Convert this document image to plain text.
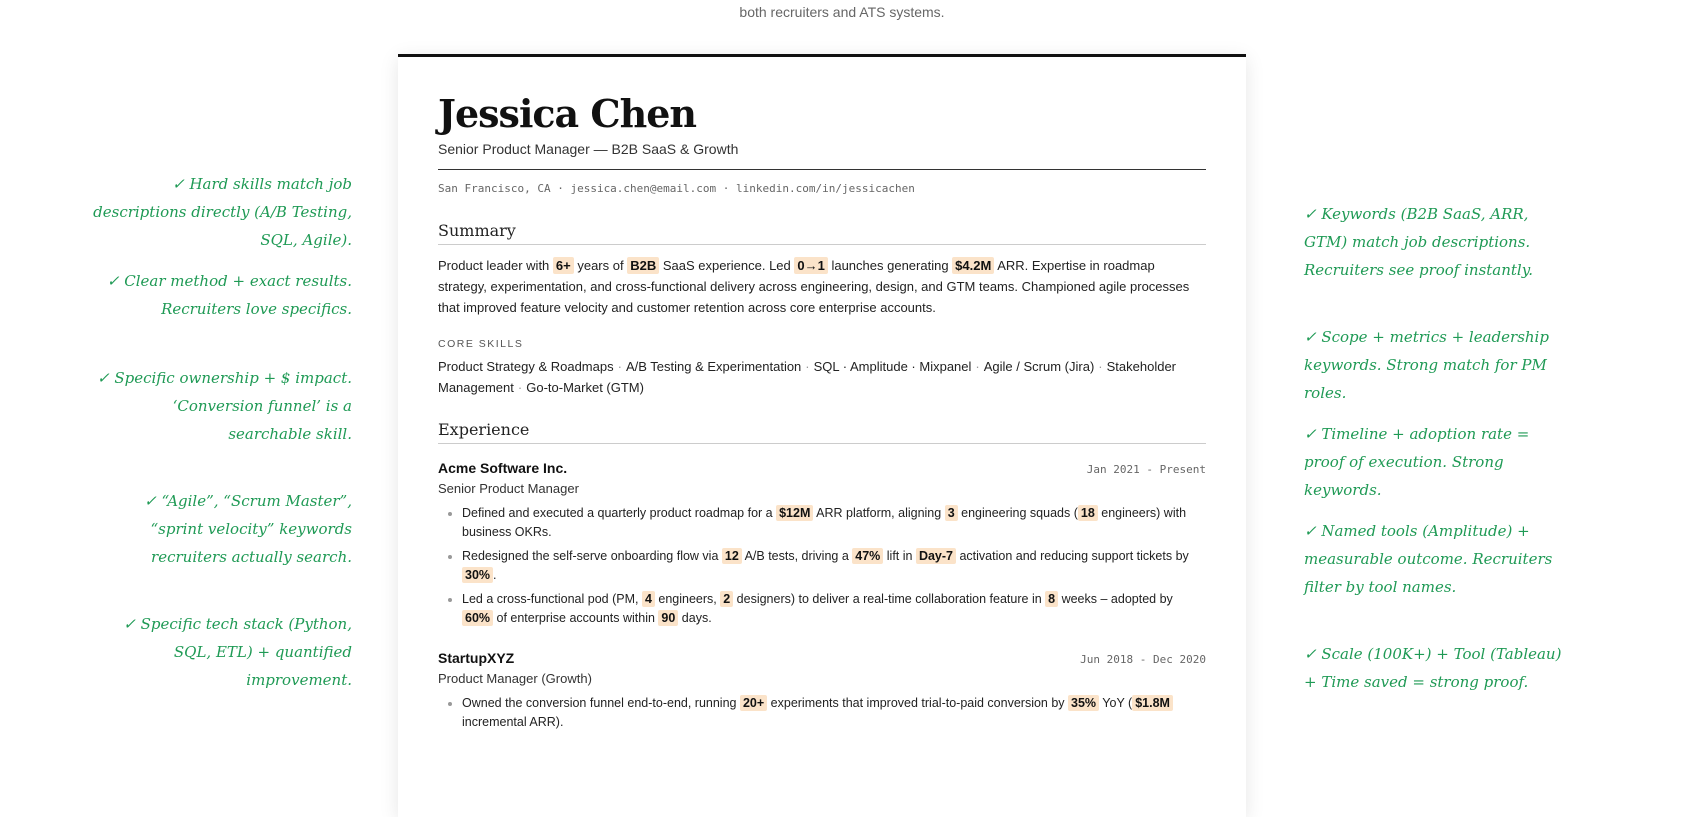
both recruiters and ATS systems.
✓ Hard skills match job descriptions directly (A/B Testing, SQL, Agile).
✓ Clear method + exact results. Recruiters love specifics.
✓ Specific ownership + $ impact. ‘Conversion funnel’ is a searchable skill.
✓ “Agile”, “Scrum Master”, “sprint velocity” keywords recruiters actually search.
✓ Specific tech stack (Python, SQL, ETL) + quantified improvement.
✓ Keywords (B2B SaaS, ARR, GTM) match job descriptions. Recruiters see proof instantly.
✓ Scope + metrics + leadership keywords. Strong match for PM roles.
✓ Timeline + adoption rate = proof of execution. Strong keywords.
✓ Named tools (Amplitude) + measurable outcome. Recruiters filter by tool names.
✓ Scale (100K+) + Tool (Tableau) + Time saved = strong proof.
Jessica Chen
Senior Product Manager — B2B SaaS & Growth
San Francisco, CA · jessica.chen@email.com · linkedin.com/in/jessicachen
Summary
Product leader with 6+ years of B2B SaaS experience. Led 0→1 launches generating $4.2M ARR. Expertise in roadmap strategy, experimentation, and cross-functional delivery across engineering, design, and GTM teams. Championed agile processes that improved feature velocity and customer retention across core enterprise accounts.
CORE SKILLS
Product Strategy & Roadmaps · A/B Testing & Experimentation · SQL · Amplitude · Mixpanel · Agile / Scrum (Jira) · Stakeholder Management · Go-to-Market (GTM)
Experience
Acme Software Inc.	Jan 2021 - Present
Senior Product Manager
• Defined and executed a quarterly product roadmap for a $12M ARR platform, aligning 3 engineering squads ( 18 engineers) with business OKRs.
• Redesigned the self-serve onboarding flow via 12 A/B tests, driving a 47% lift in Day-7 activation and reducing support tickets by 30% .
• Led a cross-functional pod (PM, 4 engineers, 2 designers) to deliver a real-time collaboration feature in 8 weeks – adopted by 60% of enterprise accounts within 90 days.
StartupXYZ	Jun 2018 - Dec 2020
Product Manager (Growth)
• Owned the conversion funnel end-to-end, running 20+ experiments that improved trial-to-paid conversion by 35% YoY ( $1.8M incremental ARR).
